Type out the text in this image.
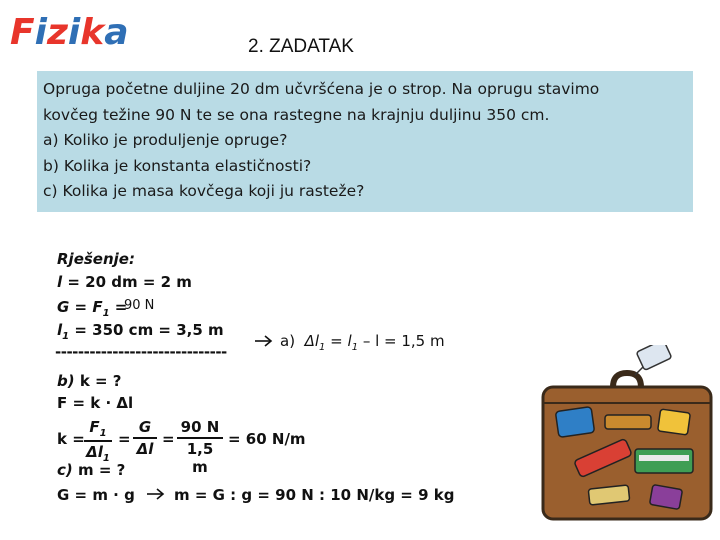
Fizika	2. ZADATAK
Opruga početne duljine 20 dm učvršćena je o strop. Na oprugu stavimo
kovčeg težine 90 N te se ona rastegne na krajnju duljinu 350 cm.
a) Koliko je produljenje opruge?
b) Kolika je konstanta elastičnosti?
c) Kolika je masa kovčega koji ju rasteže?
Rješenje:
l = 20 dm = 2 m
$G = F_1$ =
90 N
$l_1 = 350$ cm = 3,5 m
------------------------------
a) $\Delta l_1 = l_1 - l = 1,5$ m
b) k = ?
F = k · Δl
k =
$F_1$
$\Delta l_1$
=
G
Δl
=
90 N
1,5 m
= 60 N/m
c) m = ?
G = m · g	m = G : g = 90 N : 10 N/kg = 9 kg
